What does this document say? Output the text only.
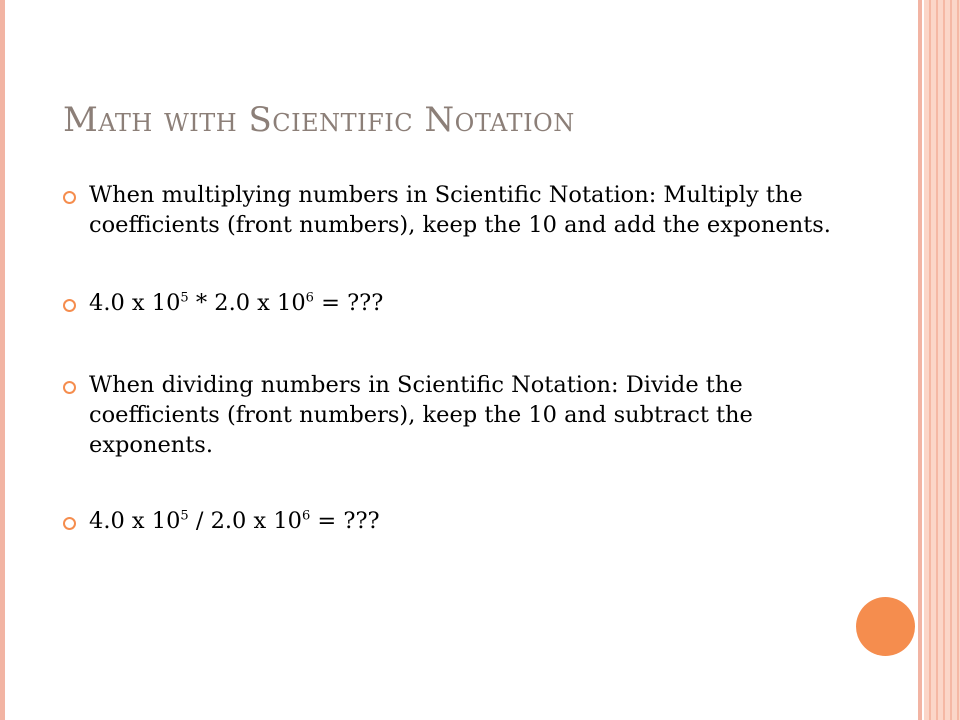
Math with Scientific Notation
When multiplying numbers in Scientific Notation: Multiply the coefficients (front numbers), keep the 10 and add the exponents.
4.0 x $10^5 * 2.0$ x $10^6$ = ???
When dividing numbers in Scientific Notation: Divide the coefficients (front numbers), keep the 10 and subtract the exponents.
4.0 x $10^5 / 2.0$ x $10^6$ = ???
